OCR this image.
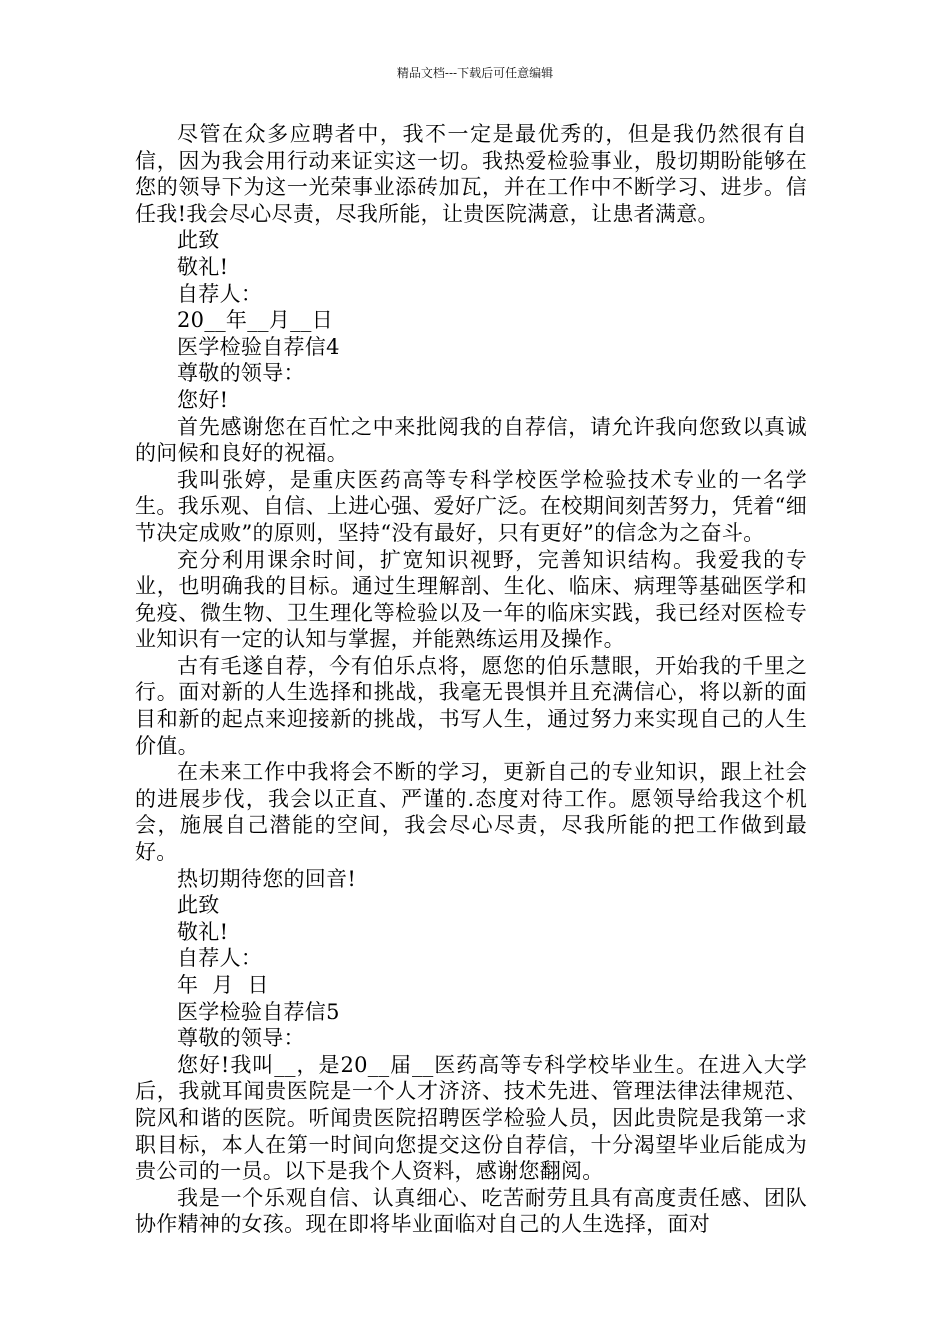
精品文档---下载后可任意编辑

尽管在众多应聘者中，我不一定是最优秀的，但是我仍然很有自信，因为我会用行动来证实这一切。我热爱检验事业，殷切期盼能够在您的领导下为这一光荣事业添砖加瓦，并在工作中不断学习、进步。信任我!我会尽心尽责，尽我所能，让贵医院满意，让患者满意。

此致

敬礼!

自荐人：

20__年__月__日

医学检验自荐信4

尊敬的领导：

您好!

首先感谢您在百忙之中来批阅我的自荐信，请允许我向您致以真诚的问候和良好的祝福。

我叫张婷，是重庆医药高等专科学校医学检验技术专业的一名学生。我乐观、自信、上进心强、爱好广泛。在校期间刻苦努力，凭着“细节决定成败”的原则，坚持“没有最好，只有更好”的信念为之奋斗。

充分利用课余时间，扩宽知识视野，完善知识结构。我爱我的专业，也明确我的目标。通过生理解剖、生化、临床、病理等基础医学和免疫、微生物、卫生理化等检验以及一年的临床实践，我已经对医检专业知识有一定的认知与掌握，并能熟练运用及操作。

古有毛遂自荐，今有伯乐点将，愿您的伯乐慧眼，开始我的千里之行。面对新的人生选择和挑战，我毫无畏惧并且充满信心，将以新的面目和新的起点来迎接新的挑战，书写人生，通过努力来实现自己的人生价值。

在未来工作中我将会不断的学习，更新自己的专业知识，跟上社会的进展步伐，我会以正直、严谨的.态度对待工作。愿领导给我这个机会，施展自己潜能的空间，我会尽心尽责，尽我所能的把工作做到最好。

热切期待您的回音!

此致

敬礼!

自荐人：

年  月  日

医学检验自荐信5

尊敬的领导：

您好!我叫__，是20__届__医药高等专科学校毕业生。在进入大学后，我就耳闻贵医院是一个人才济济、技术先进、管理法律法律规范、院风和谐的医院。听闻贵医院招聘医学检验人员，因此贵院是我第一求职目标，本人在第一时间向您提交这份自荐信，十分渴望毕业后能成为贵公司的一员。以下是我个人资料，感谢您翻阅。

我是一个乐观自信、认真细心、吃苦耐劳且具有高度责任感、团队协作精神的女孩。现在即将毕业面临对自己的人生选择，面对
